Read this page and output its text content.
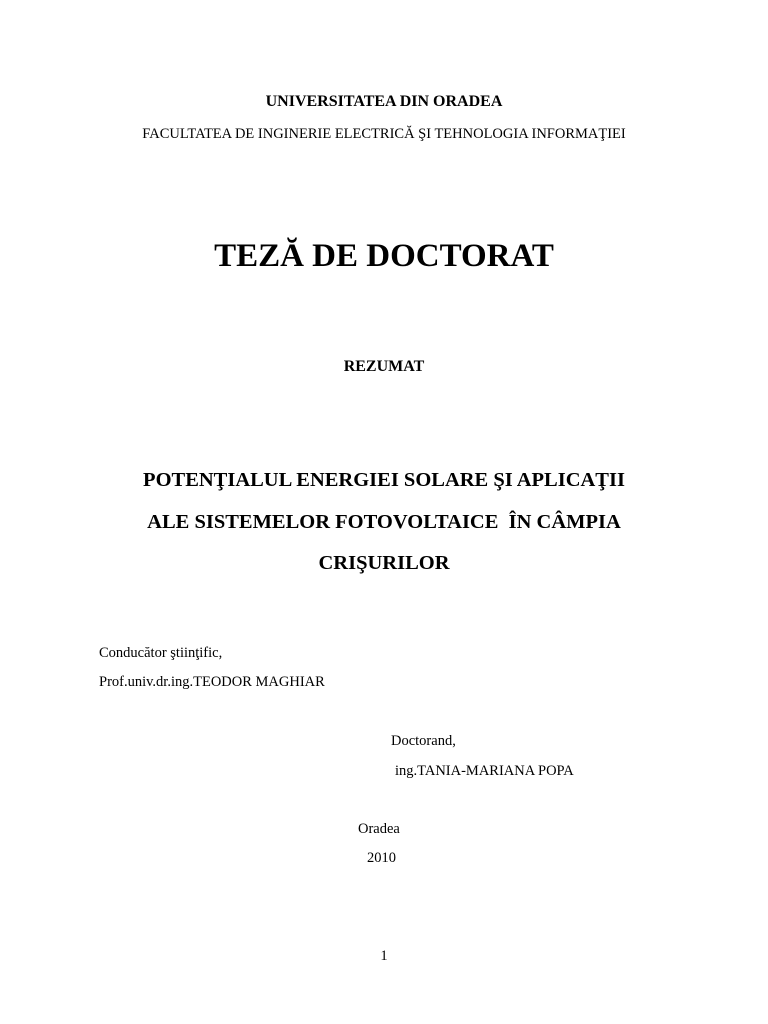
UNIVERSITATEA DIN ORADEA
FACULTATEA DE INGINERIE ELECTRICĂ ŞI TEHNOLOGIA INFORMAŢIEI
TEZĂ DE DOCTORAT
REZUMAT
POTENŢIALUL ENERGIEI SOLARE ŞI APLICAŢII
ALE SISTEMELOR FOTOVOLTAICE  ÎN CÂMPIA
CRIŞURILOR
Conducător ştiinţific,
Prof.univ.dr.ing.TEODOR MAGHIAR
Doctorand,
ing.TANIA-MARIANA POPA
Oradea
2010
1
